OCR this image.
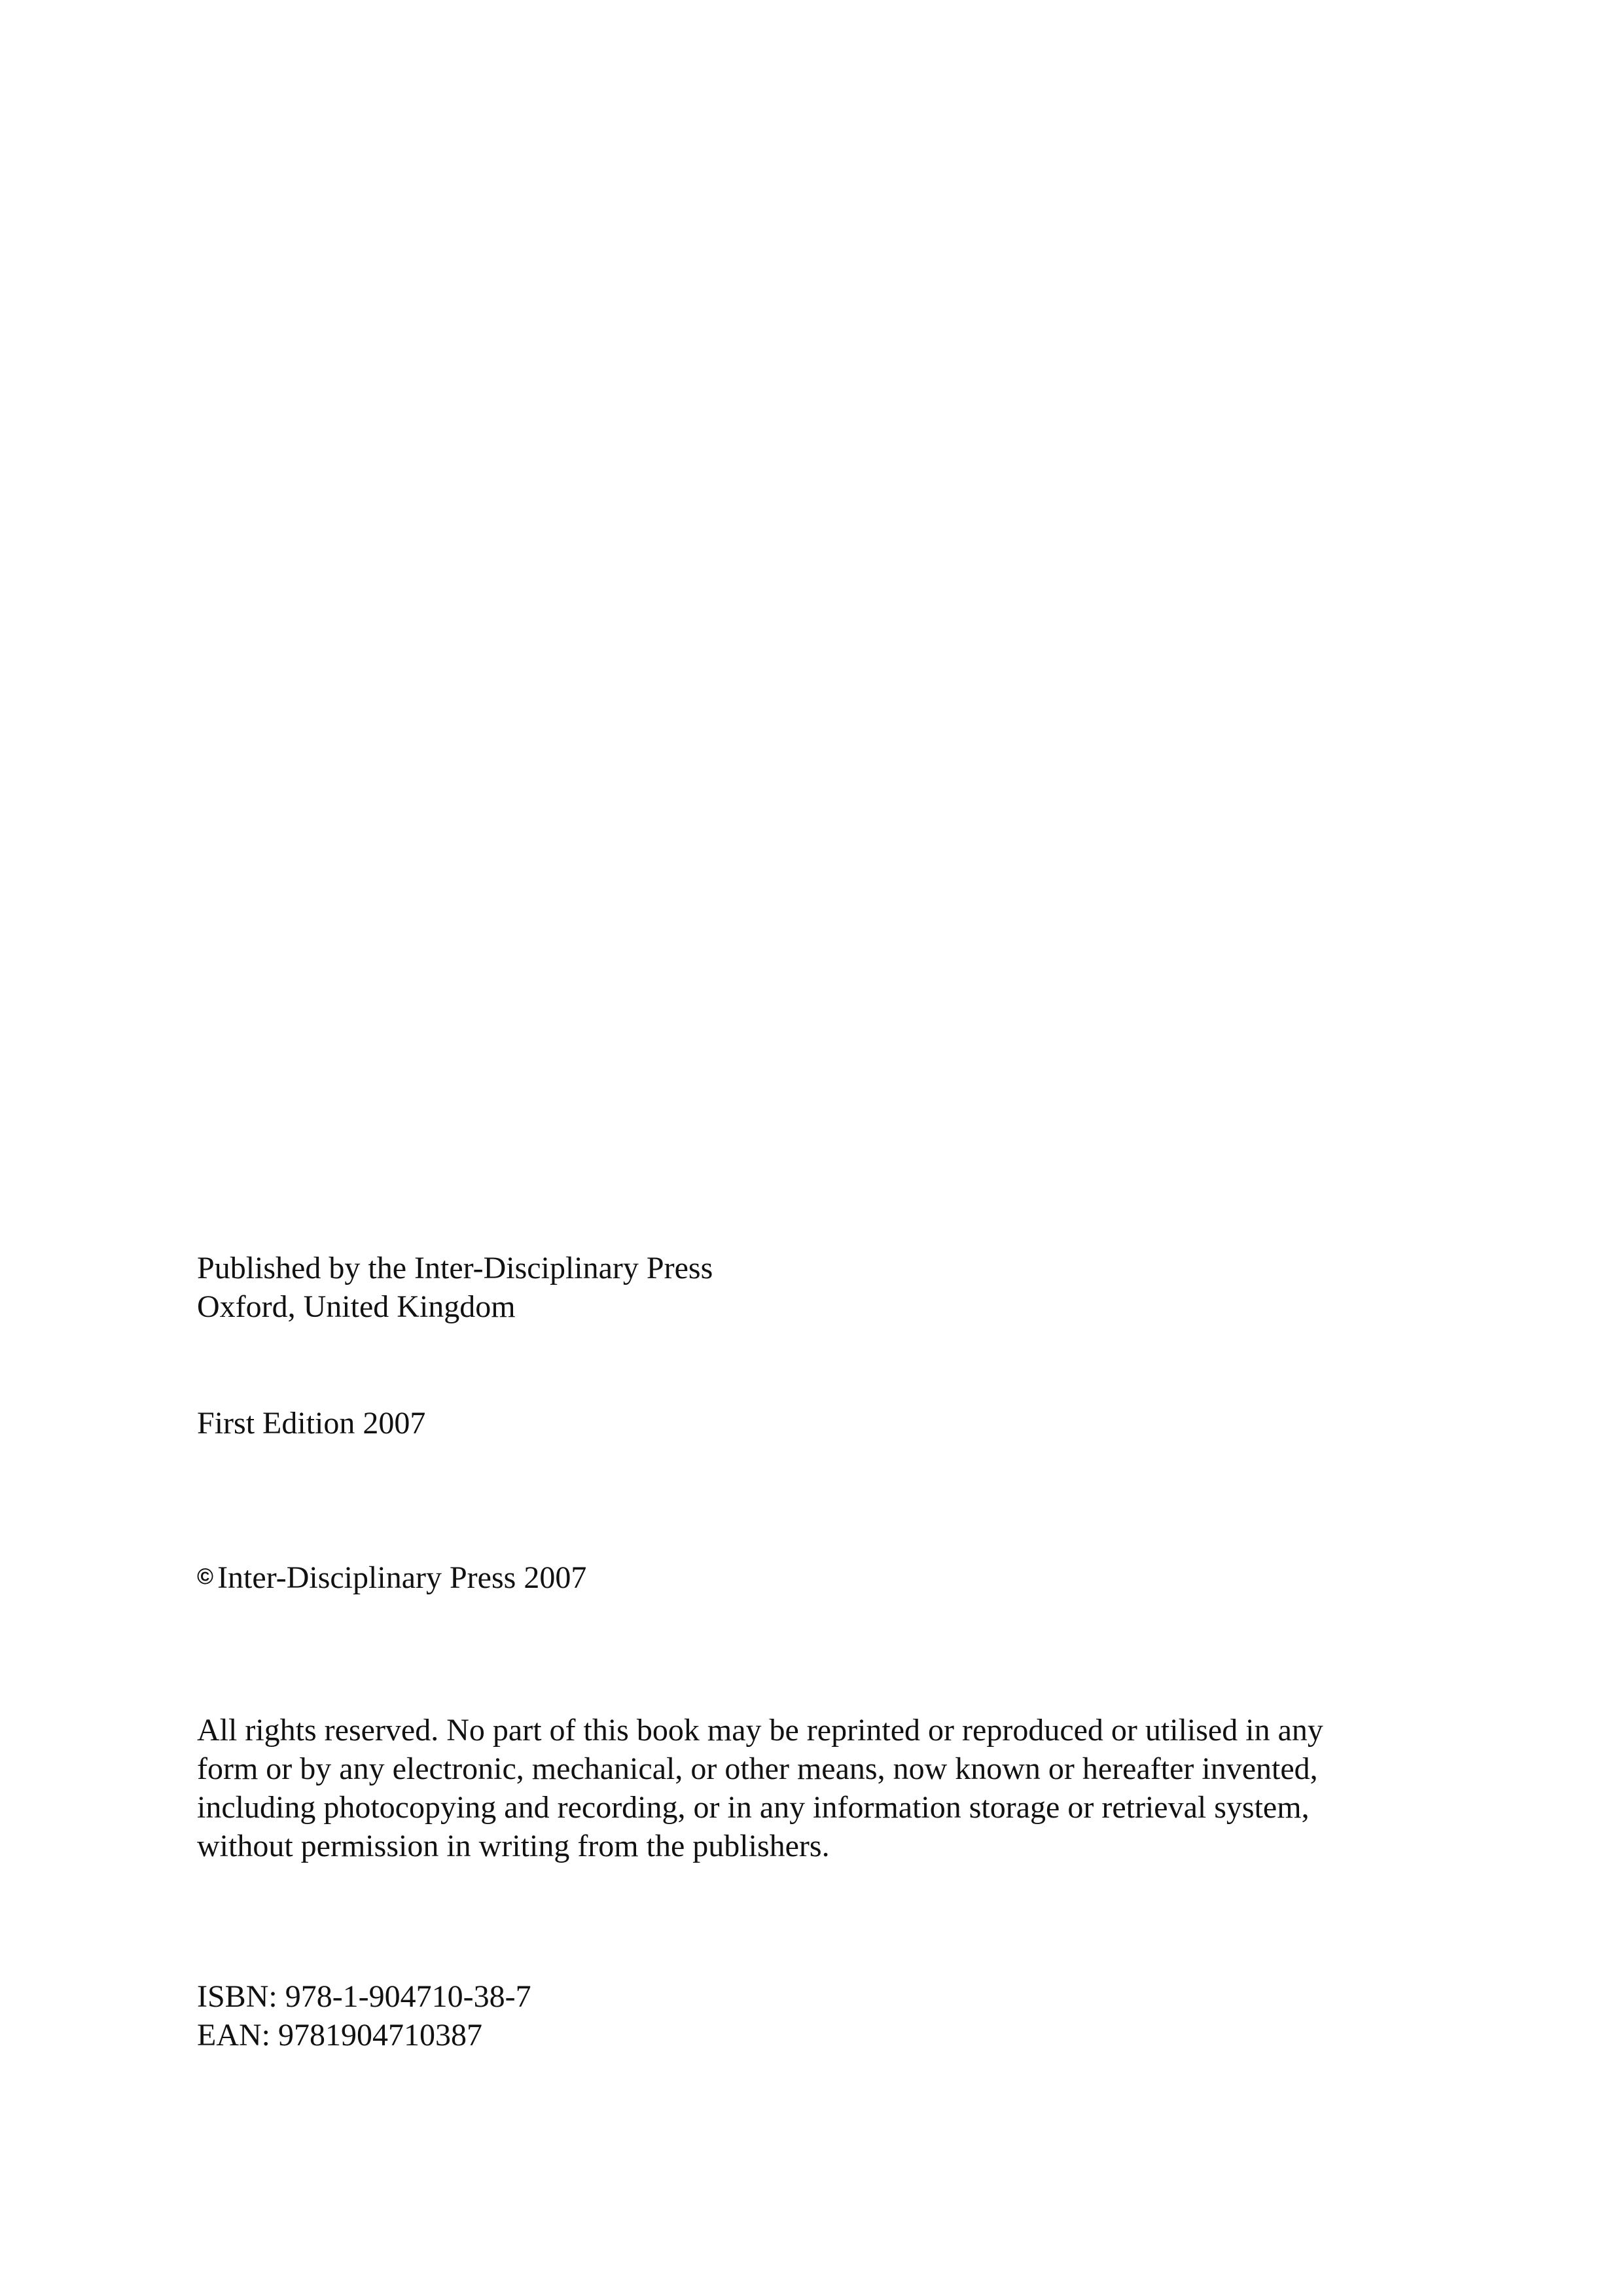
Published by the Inter-Disciplinary Press
Oxford, United Kingdom
First Edition 2007
© Inter-Disciplinary Press 2007
All rights reserved. No part of this book may be reprinted or reproduced or utilised in any
form or by any electronic, mechanical, or other means, now known or hereafter invented,
including photocopying and recording, or in any information storage or retrieval system,
without permission in writing from the publishers.
ISBN: 978-1-904710-38-7
EAN: 9781904710387
